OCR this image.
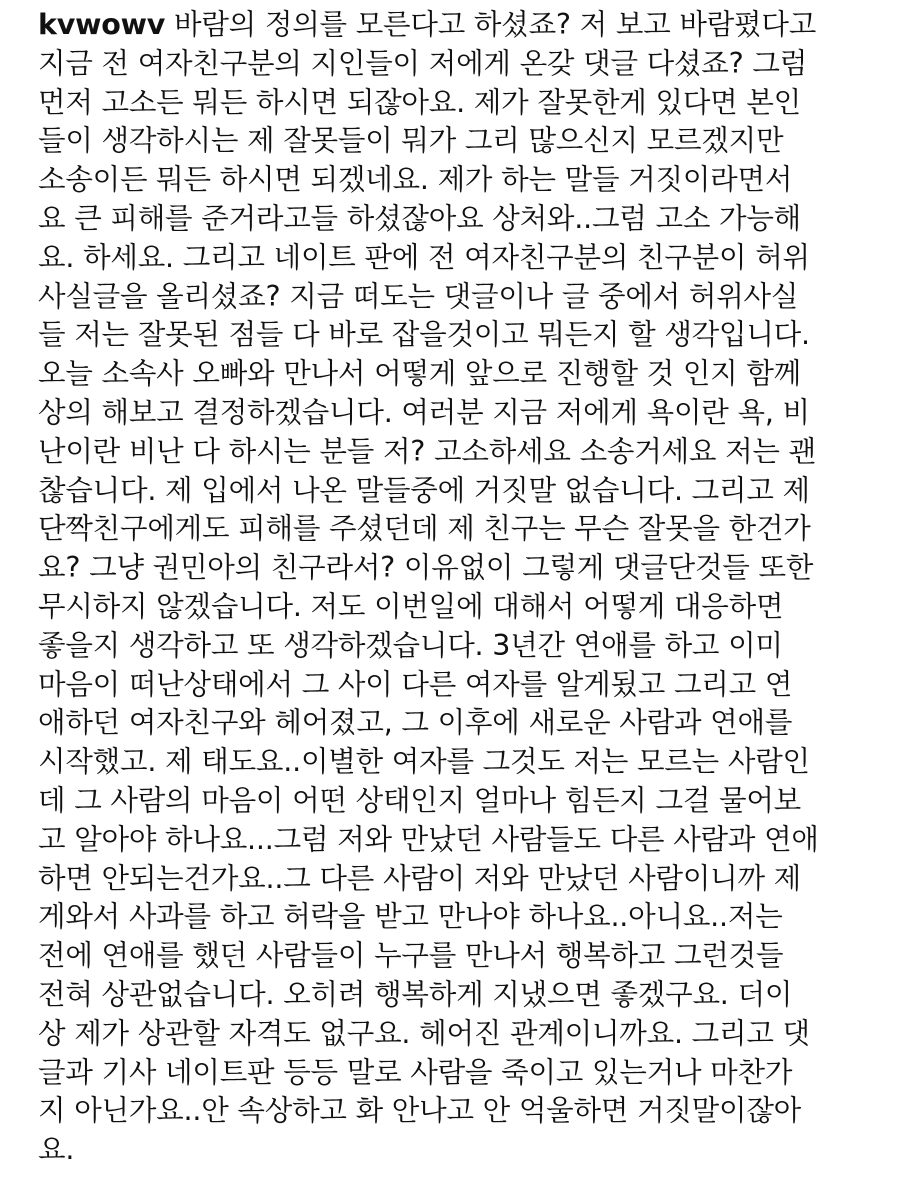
kvwowv 바람의 정의를 모른다고 하셨죠? 저 보고 바람폈다고
지금 전 여자친구분의 지인들이 저에게 온갖 댓글 다셨죠? 그럼
먼저 고소든 뭐든 하시면 되잖아요. 제가 잘못한게 있다면 본인
들이 생각하시는 제 잘못들이 뭐가 그리 많으신지 모르겠지만
소송이든 뭐든 하시면 되겠네요. 제가 하는 말들 거짓이라면서
요 큰 피해를 준거라고들 하셨잖아요 상처와..그럼 고소 가능해
요. 하세요. 그리고 네이트 판에 전 여자친구분의 친구분이 허위
사실글을 올리셨죠? 지금 떠도는 댓글이나 글 중에서 허위사실
들 저는 잘못된 점들 다 바로 잡을것이고 뭐든지 할 생각입니다.
오늘 소속사 오빠와 만나서 어떻게 앞으로 진행할 것 인지 함께
상의 해보고 결정하겠습니다. 여러분 지금 저에게 욕이란 욕, 비
난이란 비난 다 하시는 분들 저? 고소하세요 소송거세요 저는 괜
찮습니다. 제 입에서 나온 말들중에 거짓말 없습니다. 그리고 제
단짝친구에게도 피해를 주셨던데 제 친구는 무슨 잘못을 한건가
요? 그냥 권민아의 친구라서? 이유없이 그렇게 댓글단것들 또한
무시하지 않겠습니다. 저도 이번일에 대해서 어떻게 대응하면
좋을지 생각하고 또 생각하겠습니다. 3년간 연애를 하고 이미
마음이 떠난상태에서 그 사이 다른 여자를 알게됬고 그리고 연
애하던 여자친구와 헤어졌고, 그 이후에 새로운 사람과 연애를
시작했고. 제 태도요..이별한 여자를 그것도 저는 모르는 사람인
데 그 사람의 마음이 어떤 상태인지 얼마나 힘든지 그걸 물어보
고 알아야 하나요...그럼 저와 만났던 사람들도 다른 사람과 연애
하면 안되는건가요..그 다른 사람이 저와 만났던 사람이니까 제
게와서 사과를 하고 허락을 받고 만나야 하나요..아니요..저는
전에 연애를 했던 사람들이 누구를 만나서 행복하고 그런것들
전혀 상관없습니다. 오히려 행복하게 지냈으면 좋겠구요. 더이
상 제가 상관할 자격도 없구요. 헤어진 관계이니까요. 그리고 댓
글과 기사 네이트판 등등 말로 사람을 죽이고 있는거나 마찬가
지 아닌가요..안 속상하고 화 안나고 안 억울하면 거짓말이잖아
요.
